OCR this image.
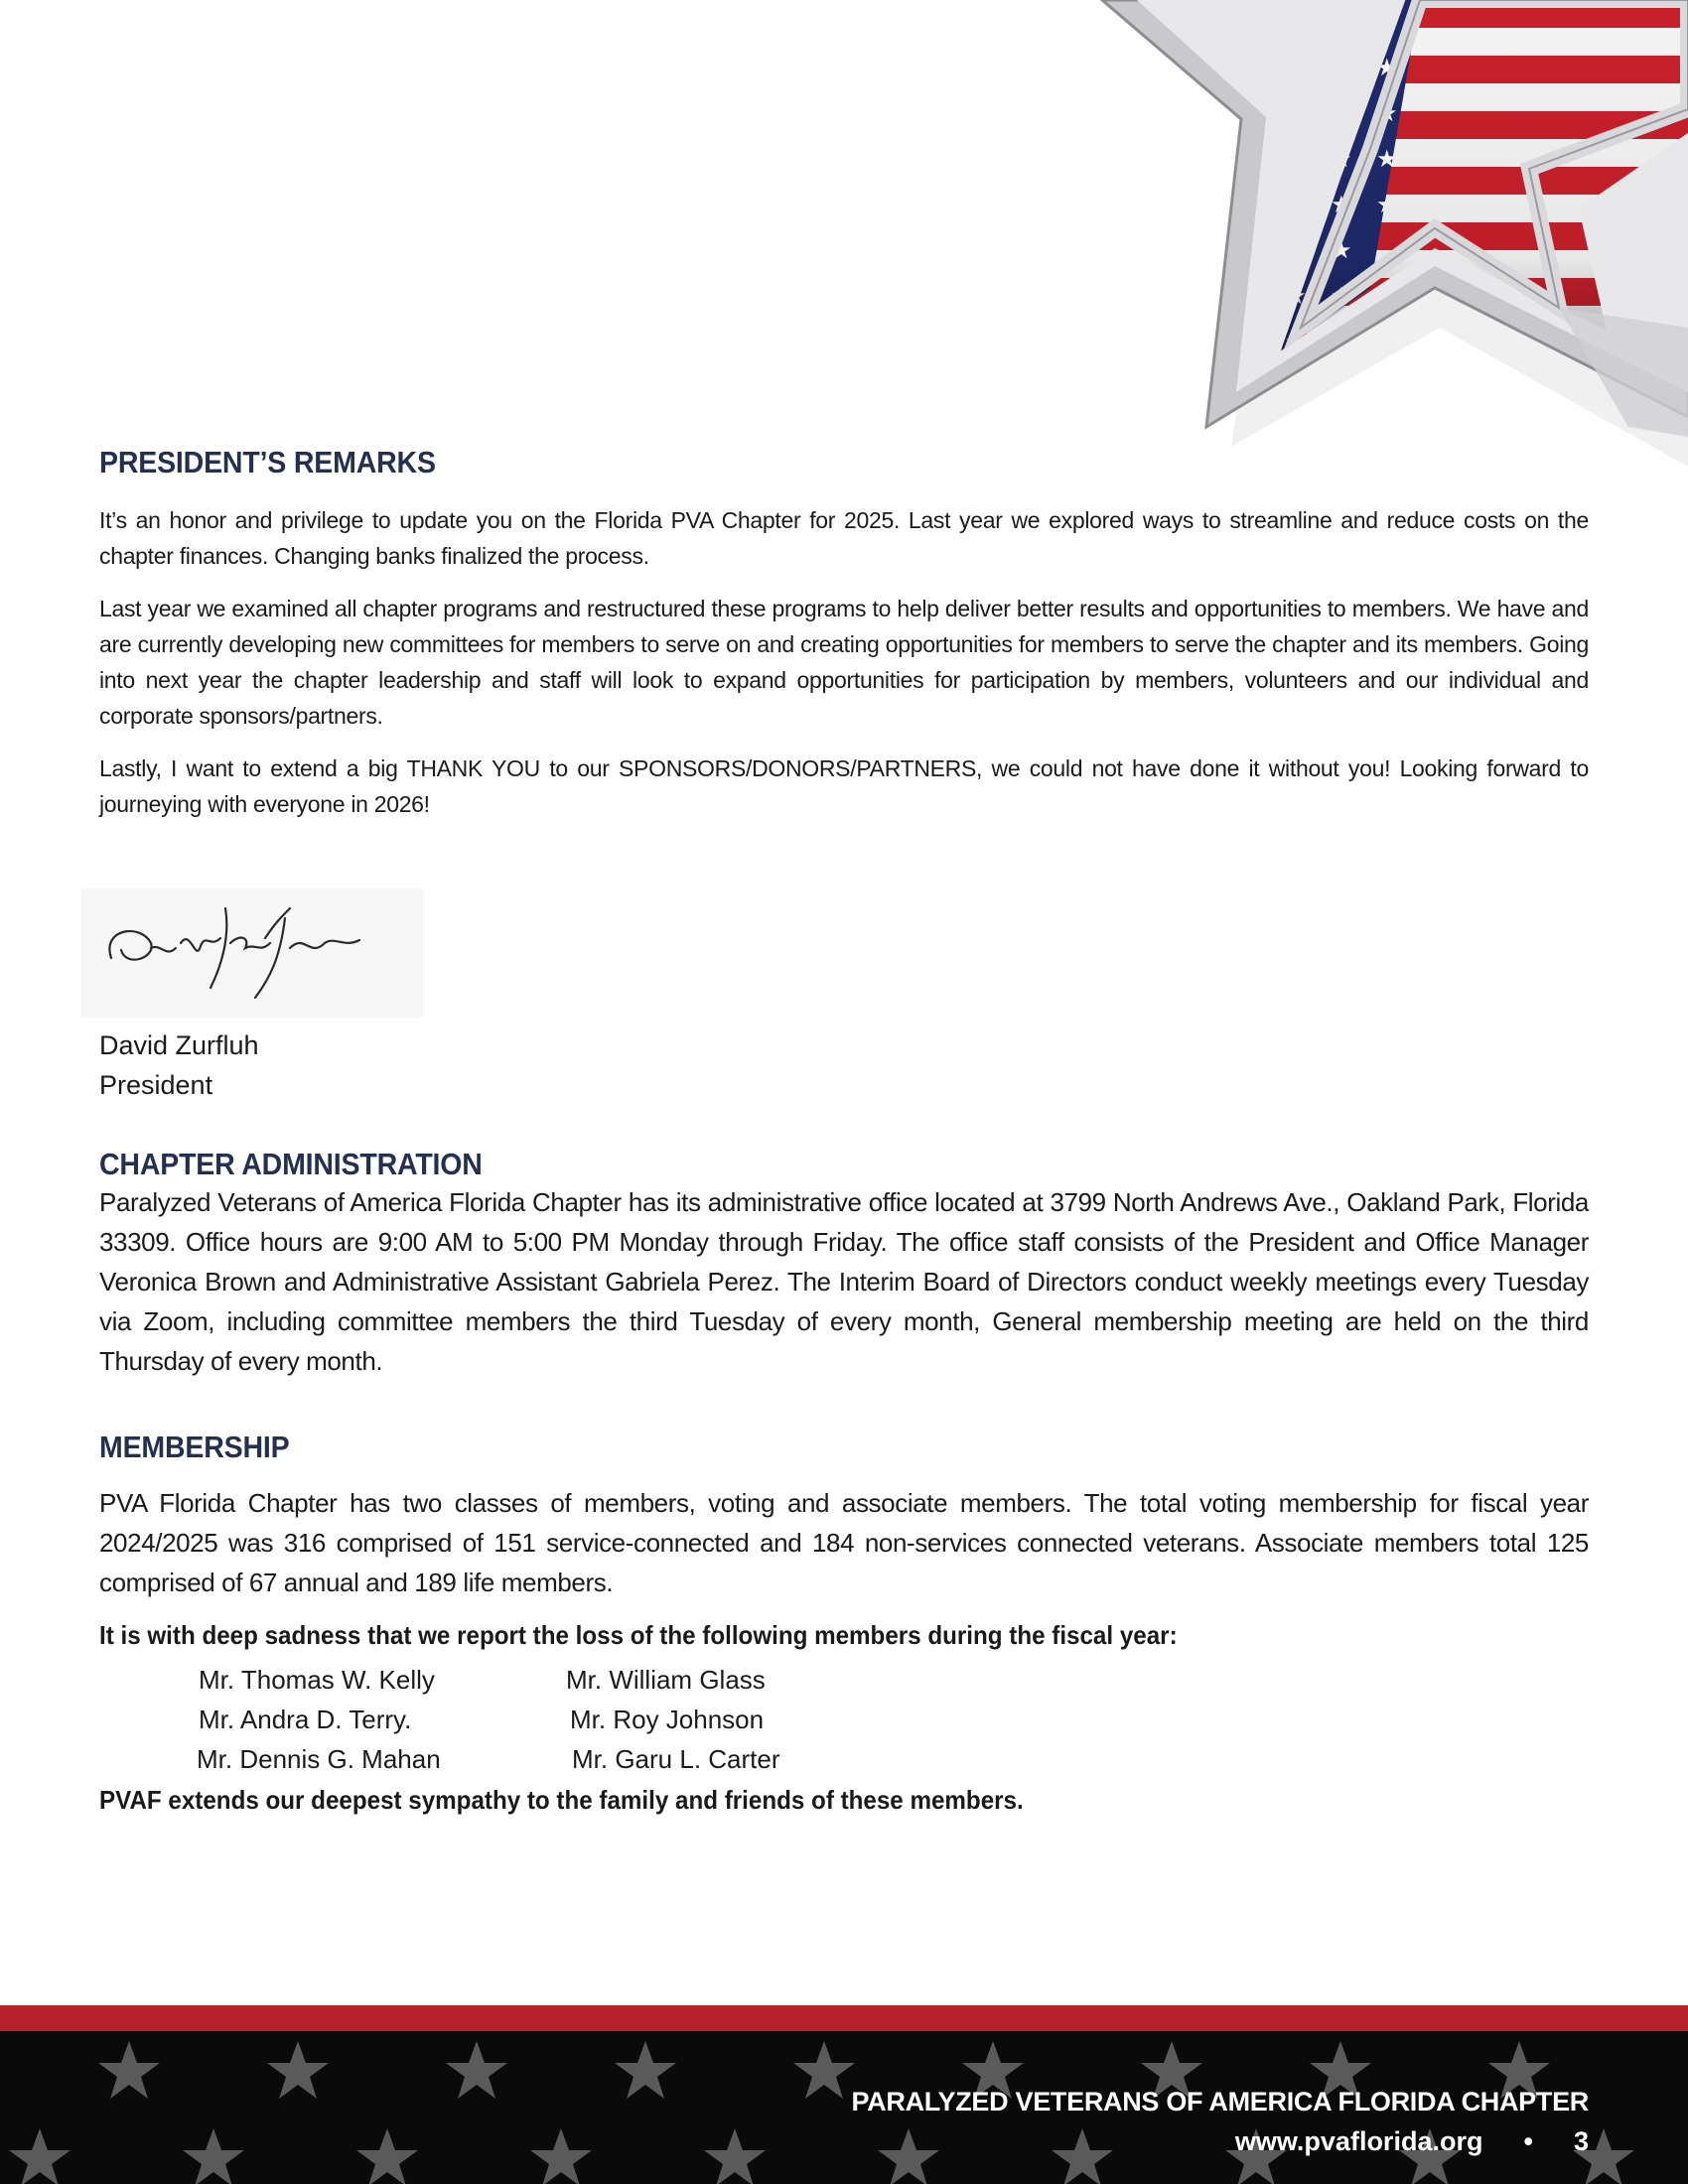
PRESIDENT’S REMARKS

It’s an honor and privilege to update you on the Florida PVA Chapter for 2025. Last year we explored ways to streamline and reduce costs on the chapter finances. Changing banks finalized the process.

Last year we examined all chapter programs and restructured these programs to help deliver better results and opportunities to members. We have and are currently developing new committees for members to serve on and creating opportunities for members to serve the chapter and its members. Going into next year the chapter leadership and staff will look to expand opportunities for participation by members, volunteers and our individual and corporate sponsors/partners.

Lastly, I want to extend a big THANK YOU to our SPONSORS/DONORS/PARTNERS, we could not have done it without you! Looking forward to journeying with everyone in 2026!

David Zurfluh
President
CHAPTER ADMINISTRATION

Paralyzed Veterans of America Florida Chapter has its administrative office located at 3799 North Andrews Ave., Oakland Park, Florida 33309. Office hours are 9:00 AM to 5:00 PM Monday through Friday. The office staff consists of the President and Office Manager Veronica Brown and Administrative Assistant Gabriela Perez. The Interim Board of Directors conduct weekly meetings every Tuesday via Zoom, including committee members the third Tuesday of every month, General membership meeting are held on the third Thursday of every month.

MEMBERSHIP

PVA Florida Chapter has two classes of members, voting and associate members. The total voting membership for fiscal year 2024/2025 was 316 comprised of 151 service-connected and 184 non-services connected veterans. Associate members total 125 comprised of 67 annual and 189 life members.

It is with deep sadness that we report the loss of the following members during the fiscal year:

Mr. Thomas W. Kelly
Mr. Andra D. Terry.
Mr. Dennis G. Mahan
Mr. William Glass
Mr. Roy Johnson
Mr. Garu L. Carter

PVAF extends our deepest sympathy to the family and friends of these members.

PARALYZED VETERANS OF AMERICA FLORIDA CHAPTER
www.pvaflorida.org • 3
